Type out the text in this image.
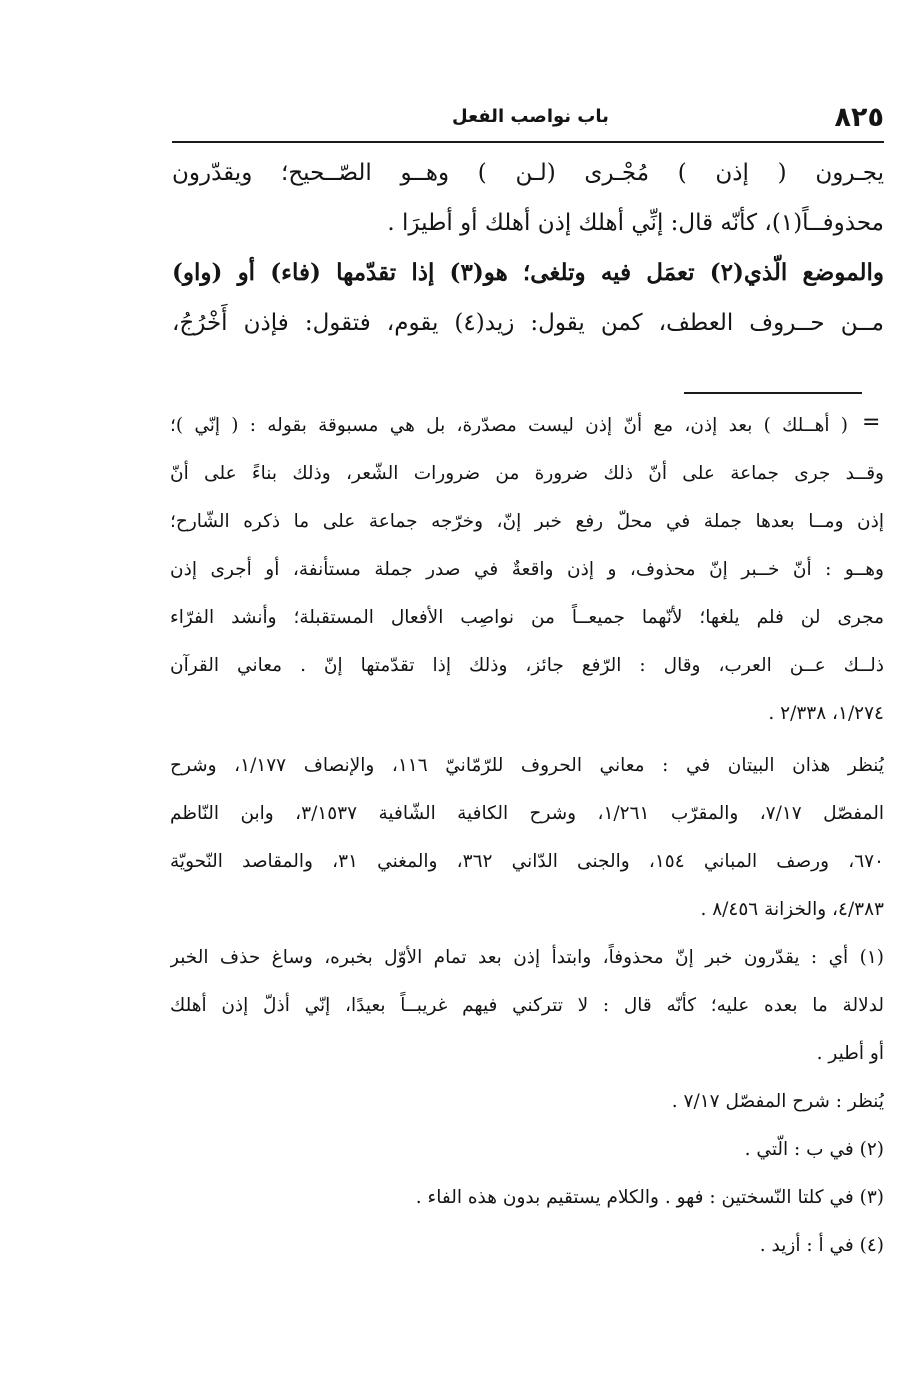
٨٢٥
باب نواصب الفعل
يجـرون ( إذن ) مُجْـرى (لـن ) وهــو الصّــحيح؛ ويقدّرون
محذوفــاً(١)، كأنّه قال: إنِّي أهلك إذن أهلك أو أطيرَا .
والموضع الّذي(٢) تعمَل فيه وتلغى؛ هو(٣) إذا تقدّمها (فاء) أو (واو)
مــن حــروف العطف، كمن يقول: زيد(٤) يقوم، فتقول: فإذن أَخْرُجُ،
=
( أهــلك ) بعد إذن، مع أنّ إذن ليست مصدّرة، بل هي مسبوقة بقوله : ( إنّي )؛
وقــد جرى جماعة على أنّ ذلك ضرورة من ضرورات الشّعر، وذلك بناءً على أنّ
إذن ومــا بعدها جملة في محلّ رفع خبر إنّ، وخرّجه جماعة على ما ذكره الشّارح؛
وهــو : أنّ خــبر إنّ محذوف، و إذن واقعةٌ في صدر جملة مستأنفة، أو أجرى إذن
مجرى لن فلم يلغها؛ لأنّهما جميعــاً من نواصِب الأفعال المستقبلة؛ وأنشد الفرّاء
ذلــك عــن العرب، وقال : الرّفع جائز، وذلك إذا تقدّمتها إنّ . معاني القرآن
١/٢٧٤، ٢/٣٣٨ .
يُنظر هذان البيتان في : معاني الحروف للرّمّانيّ ١١٦، والإنصاف ١/١٧٧، وشرح
المفصّل ٧/١٧، والمقرّب ١/٢٦١، وشرح الكافية الشّافية ٣/١٥٣٧، وابن النّاظم
٦٧٠، ورصف المباني ١٥٤، والجنى الدّاني ٣٦٢، والمغني ٣١، والمقاصد النّحويّة
٤/٣٨٣، والخزانة ٨/٤٥٦ .
(١) أي : يقدّرون خبر إنّ محذوفاً، وابتدأ إذن بعد تمام الأوّل بخبره، وساغ حذف الخبر
لدلالة ما بعده عليه؛ كأنّه قال : لا تتركني فيهم غريبــاً بعيدًا، إنّي أذلّ إذن أهلك
أو أطير .
يُنظر : شرح المفصّل ٧/١٧ .
(٢) في ب : الّتي .
(٣) في كلتا النّسختين : فهو . والكلام يستقيم بدون هذه الفاء .
(٤) في أ : أزيد .
